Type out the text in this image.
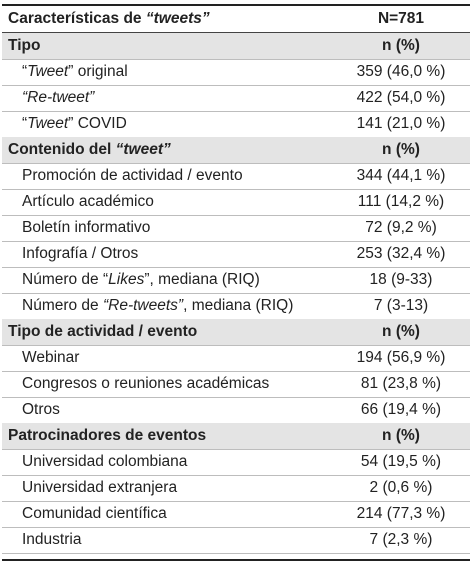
Características de “tweets”	N=781
Tipo	n (%)
“Tweet” original	359 (46,0 %)
“Re-tweet”	422 (54,0 %)
“Tweet” COVID	141 (21,0 %)
Contenido del “tweet”	n (%)
Promoción de actividad / evento	344 (44,1 %)
Artículo académico	111 (14,2 %)
Boletín informativo	72 (9,2 %)
Infografía / Otros	253 (32,4 %)
Número de “Likes”, mediana (RIQ)	18 (9-33)
Número de “Re-tweets”, mediana (RIQ)	7 (3-13)
Tipo de actividad / evento	n (%)
Webinar	194 (56,9 %)
Congresos o reuniones académicas	81 (23,8 %)
Otros	66 (19,4 %)
Patrocinadores de eventos	n (%)
Universidad colombiana	54 (19,5 %)
Universidad extranjera	2 (0,6 %)
Comunidad científica	214 (77,3 %)
Industria	7 (2,3 %)
